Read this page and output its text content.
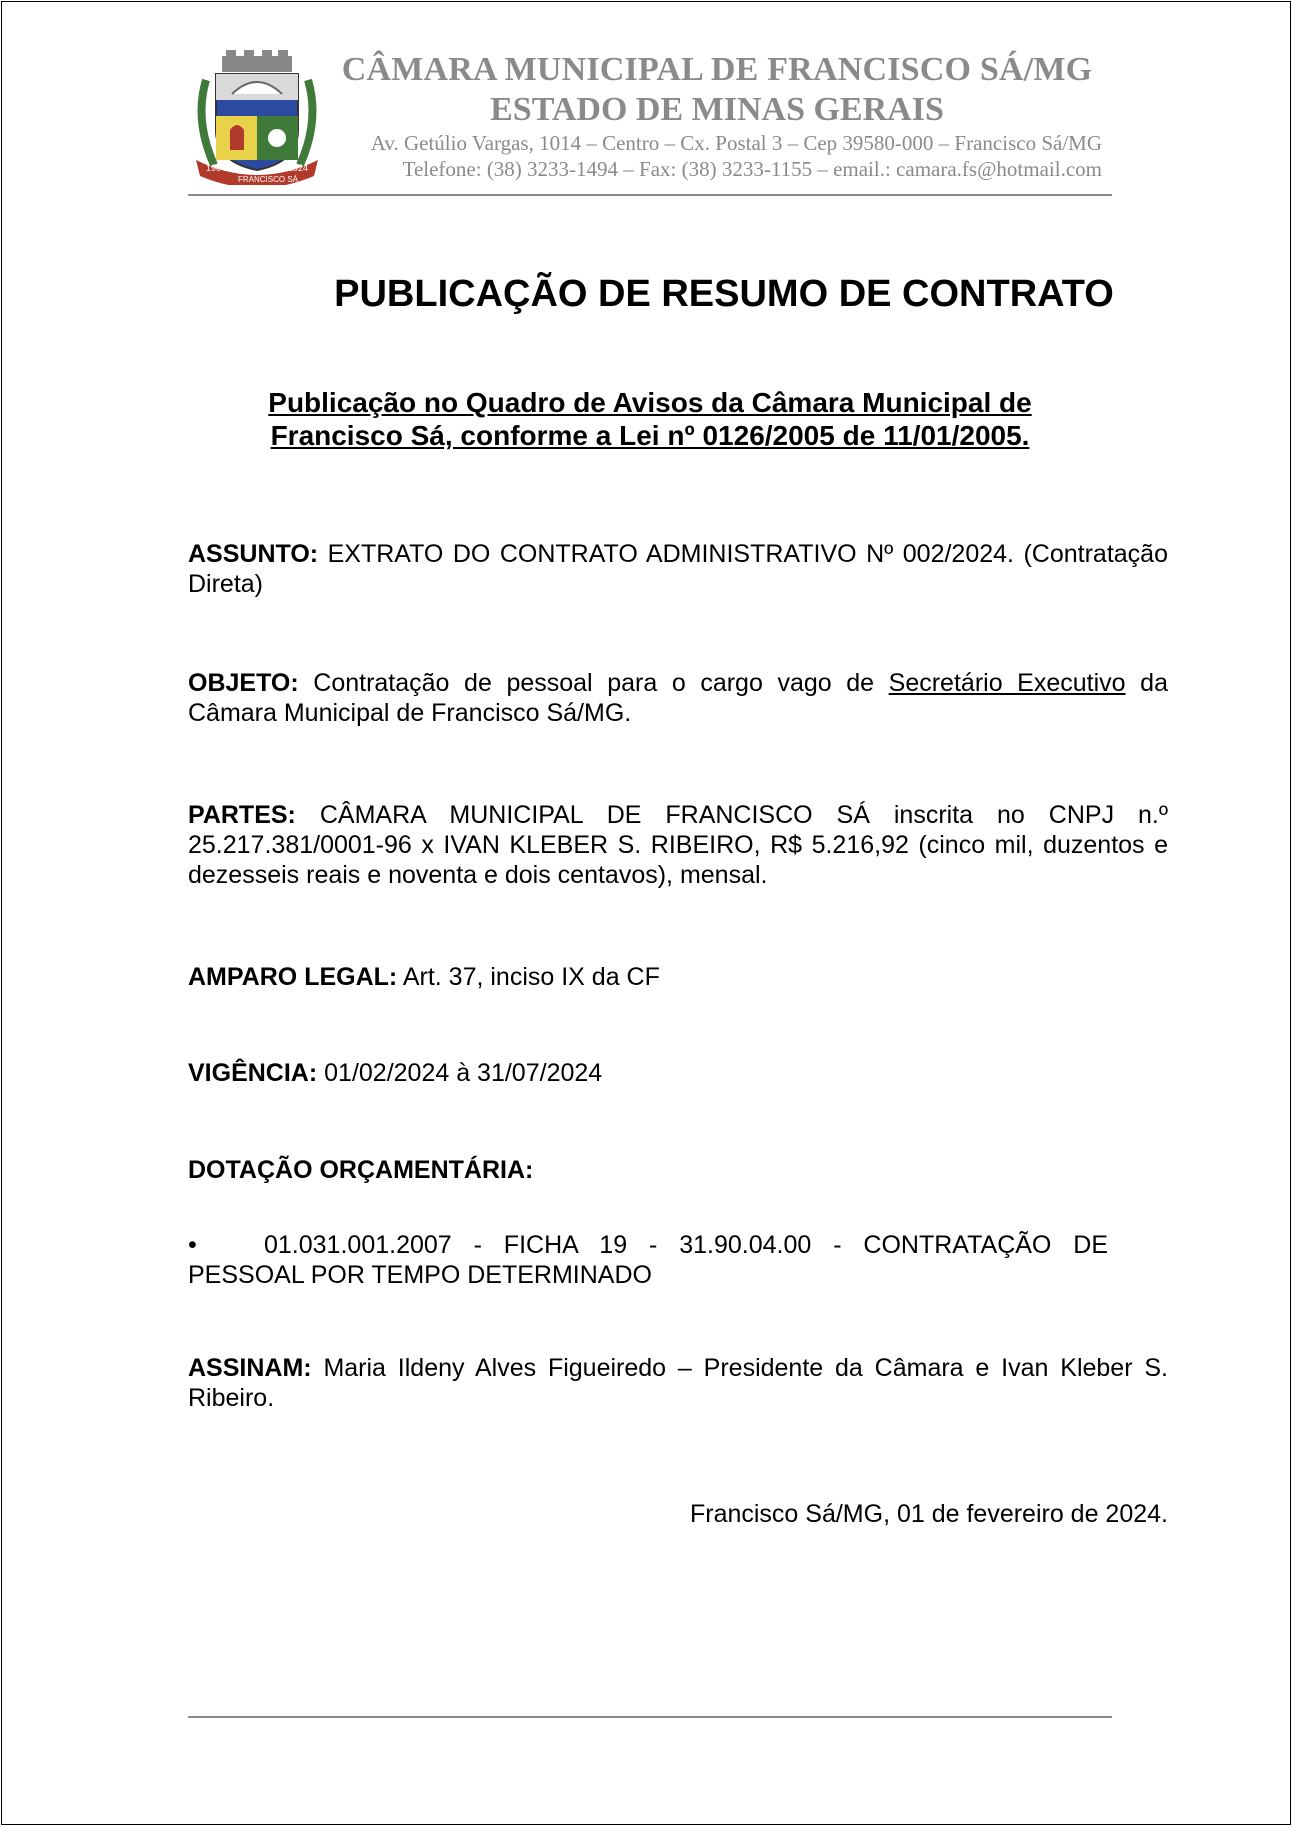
1904	1924
FRANCISCO SÁ
CÂMARA MUNICIPAL DE FRANCISCO SÁ/MG
ESTADO DE MINAS GERAIS
Av. Getúlio Vargas, 1014 – Centro – Cx. Postal 3 – Cep 39580-000 – Francisco Sá/MG
Telefone: (38) 3233-1494 – Fax: (38) 3233-1155 – email.: camara.fs@hotmail.com
PUBLICAÇÃO DE RESUMO DE CONTRATO
Publicação no Quadro de Avisos da Câmara Municipal de
Francisco Sá, conforme a Lei nº 0126/2005 de 11/01/2005.
ASSUNTO: EXTRATO DO CONTRATO ADMINISTRATIVO Nº 002/2024. (Contratação Direta)
OBJETO: Contratação de pessoal para o cargo vago de Secretário Executivo da Câmara Municipal de Francisco Sá/MG.
PARTES: CÂMARA MUNICIPAL DE FRANCISCO SÁ inscrita no CNPJ n.º 25.217.381/0001-96 x IVAN KLEBER S. RIBEIRO, R$ 5.216,92 (cinco mil, duzentos e dezesseis reais e noventa e dois centavos), mensal.
AMPARO LEGAL: Art. 37, inciso IX da CF
VIGÊNCIA: 01/02/2024 à 31/07/2024
DOTAÇÃO ORÇAMENTÁRIA:
•	01.031.001.2007 - FICHA 19 - 31.90.04.00 - CONTRATAÇÃO DE PESSOAL POR TEMPO DETERMINADO
ASSINAM: Maria Ildeny Alves Figueiredo – Presidente da Câmara e Ivan Kleber S. Ribeiro.
Francisco Sá/MG, 01 de fevereiro de 2024.
